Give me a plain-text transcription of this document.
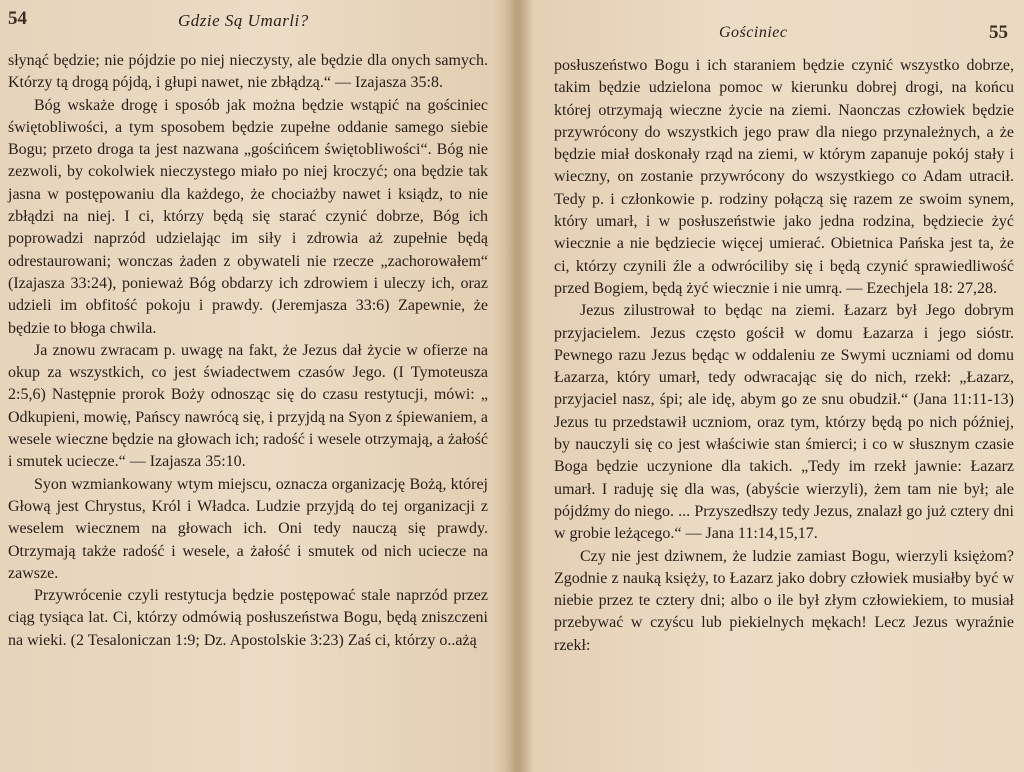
54	Gdzie Są Umarli?

słynąć będzie; nie pójdzie po niej nieczysty, ale będzie dla onych samych. Którzy tą drogą pójdą, i głupi nawet, nie zbłądzą.“ — Izajasza 35:8.

Bóg wskaże drogę i sposób jak można będzie wstąpić na gościniec świętobliwości, a tym sposobem będzie zupełne oddanie samego siebie Bogu; przeto droga ta jest nazwana „gościńcem świętobliwości“. Bóg nie zezwoli, by cokolwiek nieczystego miało po niej kroczyć; ona będzie tak jasna w postępowaniu dla każdego, że chociażby nawet i ksiądz, to nie zbłądzi na niej. I ci, którzy będą się starać czynić dobrze, Bóg ich poprowadzi naprzód udzielając im siły i zdrowia aż zupełnie będą odrestaurowani; wonczas żaden z obywateli nie rzecze „zachorowałem“ (Izajasza 33:24), ponieważ Bóg obdarzy ich zdrowiem i uleczy ich, oraz udzieli im obfitość pokoju i prawdy. (Jeremjasza 33:6) Zapewnie, że będzie to błoga chwila.

Ja znowu zwracam p. uwagę na fakt, że Jezus dał życie w ofierze na okup za wszystkich, co jest świadectwem czasów Jego. (I Tymoteusza 2:5,6) Następnie prorok Boży odnosząc się do czasu restytucji, mówi: „ Odkupieni, mowię, Pańscy nawrócą się, i przyjdą na Syon z śpiewaniem, a wesele wieczne będzie na głowach ich; radość i wesele otrzymają, a żałość i smutek uciecze.“ — Izajasza 35:10.

Syon wzmiankowany wtym miejscu, oznacza organizację Bożą, której Głową jest Chrystus, Król i Władca. Ludzie przyjdą do tej organizacji z weselem wiecznem na głowach ich. Oni tedy nauczą się prawdy. Otrzymają także radość i wesele, a żałość i smutek od nich uciecze na zawsze.

Przywrócenie czyli restytucja będzie postępować stale naprzód przez ciąg tysiąca lat. Ci, którzy odmówią posłuszeństwa Bogu, będą zniszczeni na wieki. (2 Tesaloniczan 1:9; Dz. Apostolskie 3:23) Zaś ci, którzy o..ażą

Gościniec	55

posłuszeństwo Bogu i ich staraniem będzie czynić wszystko dobrze, takim będzie udzielona pomoc w kierunku dobrej drogi, na końcu której otrzymają wieczne życie na ziemi. Naonczas człowiek będzie przywrócony do wszystkich jego praw dla niego przynależnych, a że będzie miał doskonały rząd na ziemi, w którym zapanuje pokój stały i wieczny, on zostanie przywrócony do wszystkiego co Adam utracił. Tedy p. i członkowie p. rodziny połączą się razem ze swoim synem, który umarł, i w posłuszeństwie jako jedna rodzina, będziecie żyć wiecznie a nie będziecie więcej umierać. Obietnica Pańska jest ta, że ci, którzy czynili źle a odwróciliby się i będą czynić sprawiedliwość przed Bogiem, będą żyć wiecznie i nie umrą. — Ezechjela 18: 27,28.

Jezus zilustrował to będąc na ziemi. Łazarz był Jego dobrym przyjacielem. Jezus często gościł w domu Łazarza i jego sióstr. Pewnego razu Jezus będąc w oddaleniu ze Swymi uczniami od domu Łazarza, który umarł, tedy odwracając się do nich, rzekł: „Łazarz, przyjaciel nasz, śpi; ale idę, abym go ze snu obudził.“ (Jana 11:11-13) Jezus tu przedstawił uczniom, oraz tym, którzy będą po nich później, by nauczyli się co jest właściwie stan śmierci; i co w słusznym czasie Boga będzie uczynione dla takich. „Tedy im rzekł jawnie: Łazarz umarł. I raduję się dla was, (abyście wierzyli), żem tam nie był; ale pójdźmy do niego. ... Przyszedłszy tedy Jezus, znalazł go już cztery dni w grobie leżącego.“ — Jana 11:14,15,17.

Czy nie jest dziwnem, że ludzie zamiast Bogu, wierzyli księżom? Zgodnie z nauką księży, to Łazarz jako dobry człowiek musiałby być w niebie przez te cztery dni; albo o ile był złym człowiekiem, to musiał przebywać w czyścu lub piekielnych mękach! Lecz Jezus wyraźnie rzekł:
